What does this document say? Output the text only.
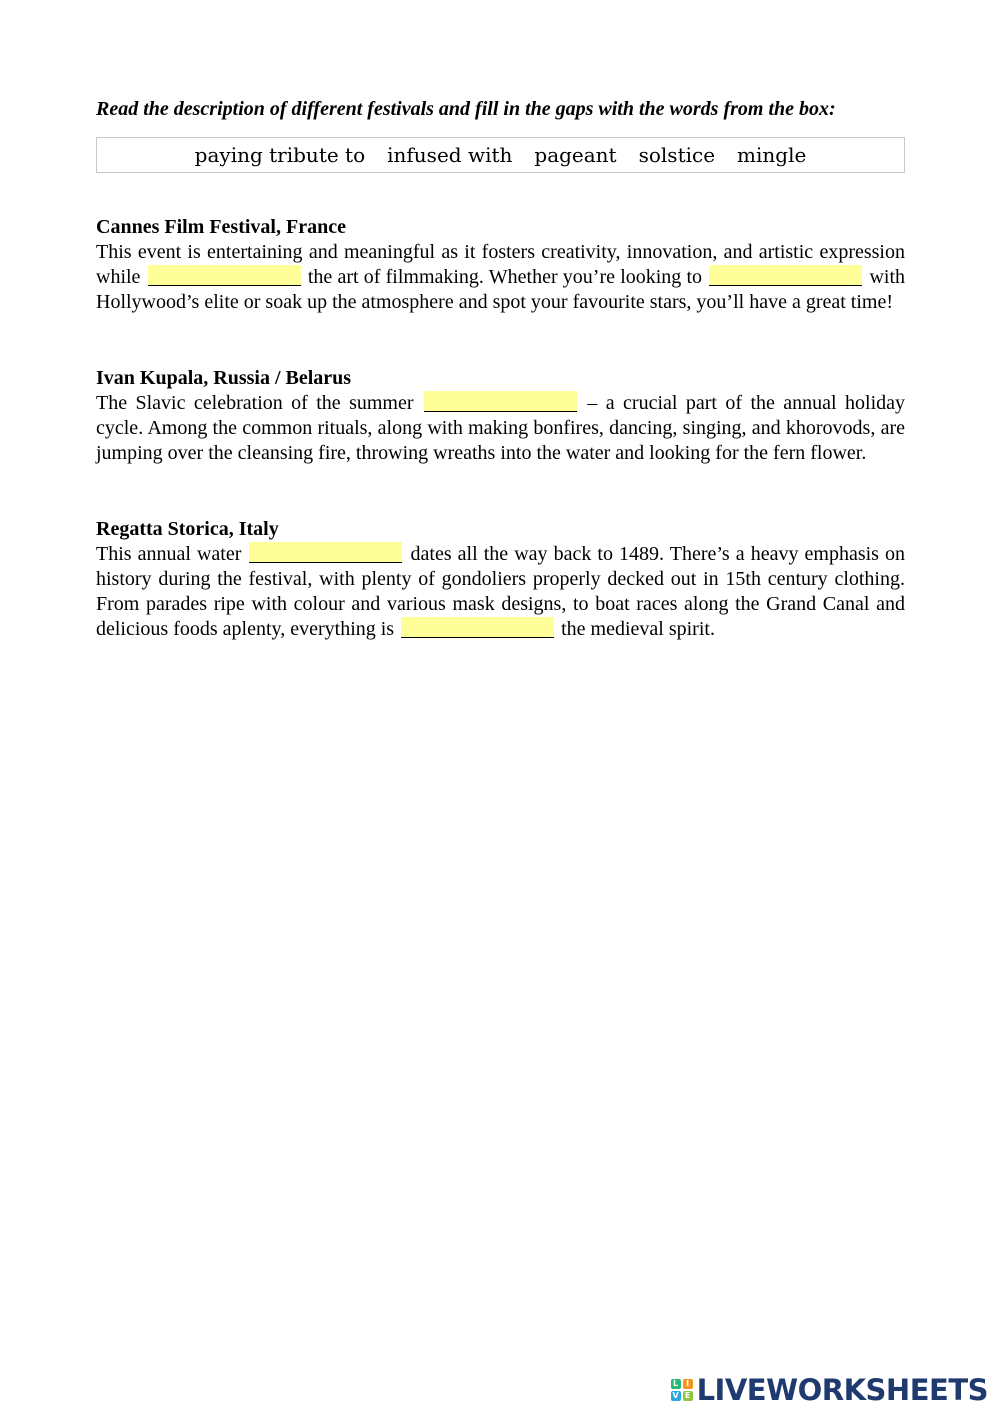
Read the description of different festivals and fill in the gaps with the words from the box:
paying tribute to infused with pageant solstice mingle
Cannes Film Festival, France

This event is entertaining and meaningful as it fosters creativity, innovation, and artistic expression while	the art of filmmaking. Whether you’re looking to	with Hollywood’s elite or soak up the atmosphere and spot your favourite stars, you’ll have a great time!

Ivan Kupala, Russia / Belarus

The Slavic celebration of the summer	– a crucial part of the annual holiday cycle. Among the common rituals, along with making bonfires, dancing, singing, and khorovods, are jumping over the cleansing fire, throwing wreaths into the water and looking for the fern flower.

Regatta Storica, Italy

This annual water	dates all the way back to 1489. There’s a heavy emphasis on history during the festival, with plenty of gondoliers properly decked out in 15th century clothing. From parades ripe with colour and various mask designs, to boat races along the Grand Canal and delicious foods aplenty, everything is	the medieval spirit.

L I
V E LIVEWORKSHEETS
